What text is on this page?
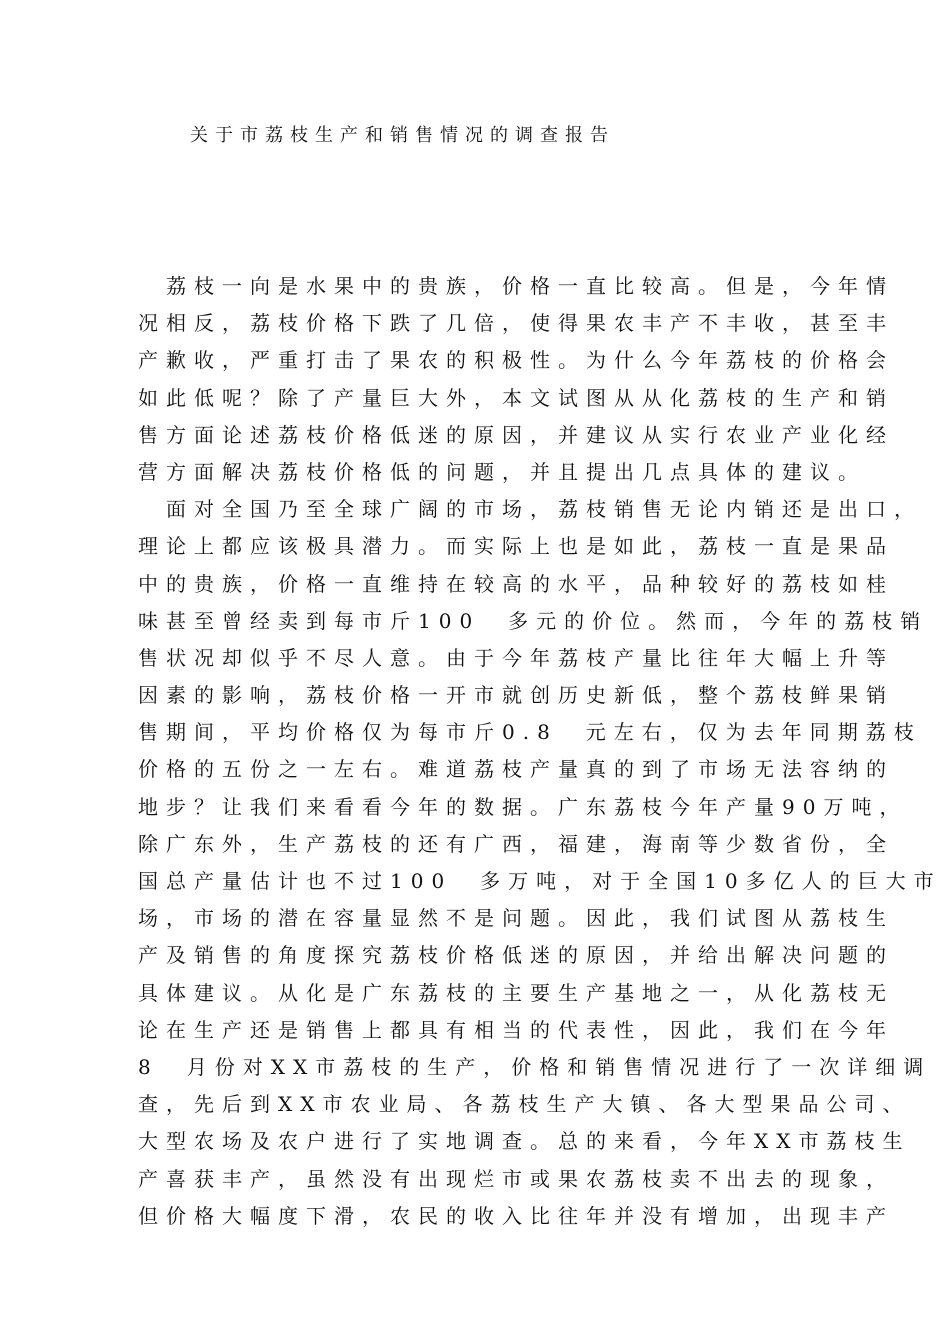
关于市荔枝生产和销售情况的调查报告
　荔枝一向是水果中的贵族，价格一直比较高。但是，今年情
况相反，荔枝价格下跌了几倍，使得果农丰产不丰收，甚至丰
产歉收，严重打击了果农的积极性。为什么今年荔枝的价格会
如此低呢？除了产量巨大外，本文试图从从化荔枝的生产和销
售方面论述荔枝价格低迷的原因，并建议从实行农业产业化经
营方面解决荔枝价格低的问题，并且提出几点具体的建议。
　面对全国乃至全球广阔的市场，荔枝销售无论内销还是出口，
理论上都应该极具潜力。而实际上也是如此，荔枝一直是果品
中的贵族，价格一直维持在较高的水平，品种较好的荔枝如桂
味甚至曾经卖到每市斤100　多元的价位。然而，今年的荔枝销
售状况却似乎不尽人意。由于今年荔枝产量比往年大幅上升等
因素的影响，荔枝价格一开市就创历史新低，整个荔枝鲜果销
售期间，平均价格仅为每市斤0.8　元左右，仅为去年同期荔枝
价格的五份之一左右。难道荔枝产量真的到了市场无法容纳的
地步？让我们来看看今年的数据。广东荔枝今年产量90万吨，
除广东外，生产荔枝的还有广西，福建，海南等少数省份，全
国总产量估计也不过100　多万吨，对于全国10多亿人的巨大市
场，市场的潜在容量显然不是问题。因此，我们试图从荔枝生
产及销售的角度探究荔枝价格低迷的原因，并给出解决问题的
具体建议。从化是广东荔枝的主要生产基地之一，从化荔枝无
论在生产还是销售上都具有相当的代表性，因此，我们在今年
8　月份对XX市荔枝的生产，价格和销售情况进行了一次详细调
查，先后到XX市农业局、各荔枝生产大镇、各大型果品公司、
大型农场及农户进行了实地调查。总的来看，今年XX市荔枝生
产喜获丰产，虽然没有出现烂市或果农荔枝卖不出去的现象，
但价格大幅度下滑，农民的收入比往年并没有增加，出现丰产
